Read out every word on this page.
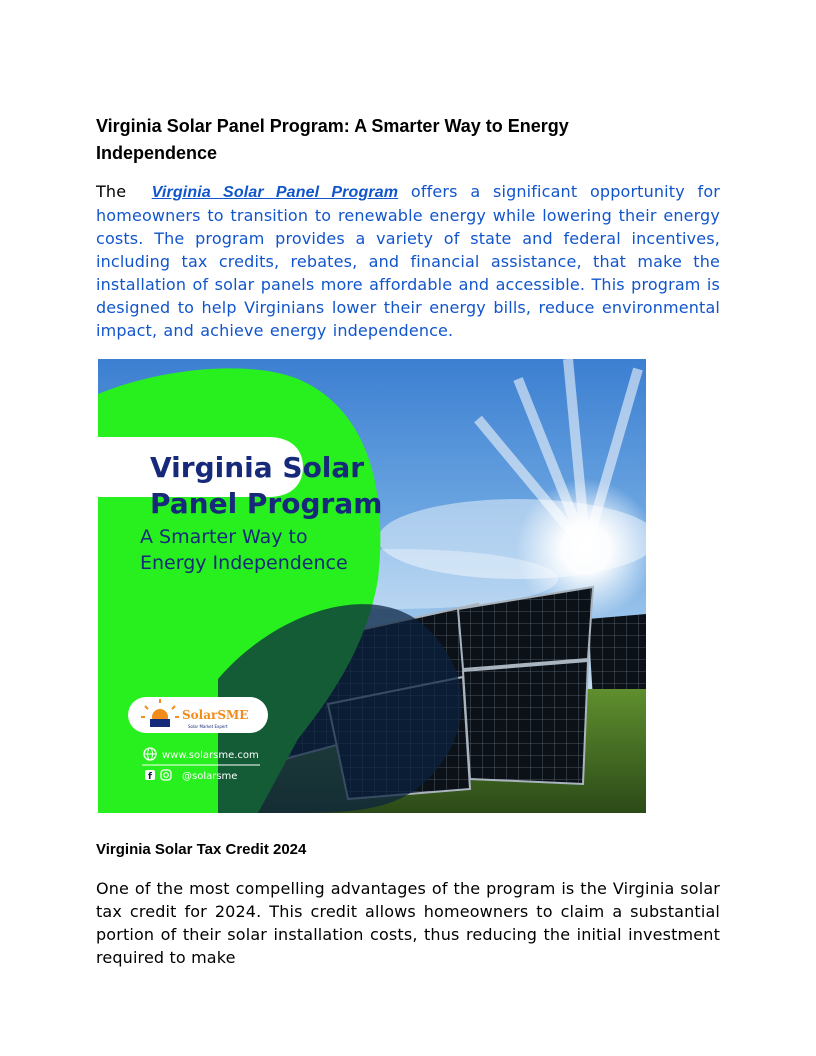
Virginia Solar Panel Program: A Smarter Way to Energy Independence

The Virginia Solar Panel Program offers a significant opportunity for homeowners to transition to renewable energy while lowering their energy costs. The program provides a variety of state and federal incentives, including tax credits, rebates, and financial assistance, that make the installation of solar panels more affordable and accessible. This program is designed to help Virginians lower their energy bills, reduce environmental impact, and achieve energy independence.

Virginia Solar
Panel Program
A Smarter Way to
Energy Independence
SolarSME
Solar Market Expert
www.solarsme.com
f	@solarsme
Virginia Solar Tax Credit 2024

One of the most compelling advantages of the program is the Virginia solar tax credit for 2024. This credit allows homeowners to claim a substantial portion of their solar installation costs, thus reducing the initial investment required to make
